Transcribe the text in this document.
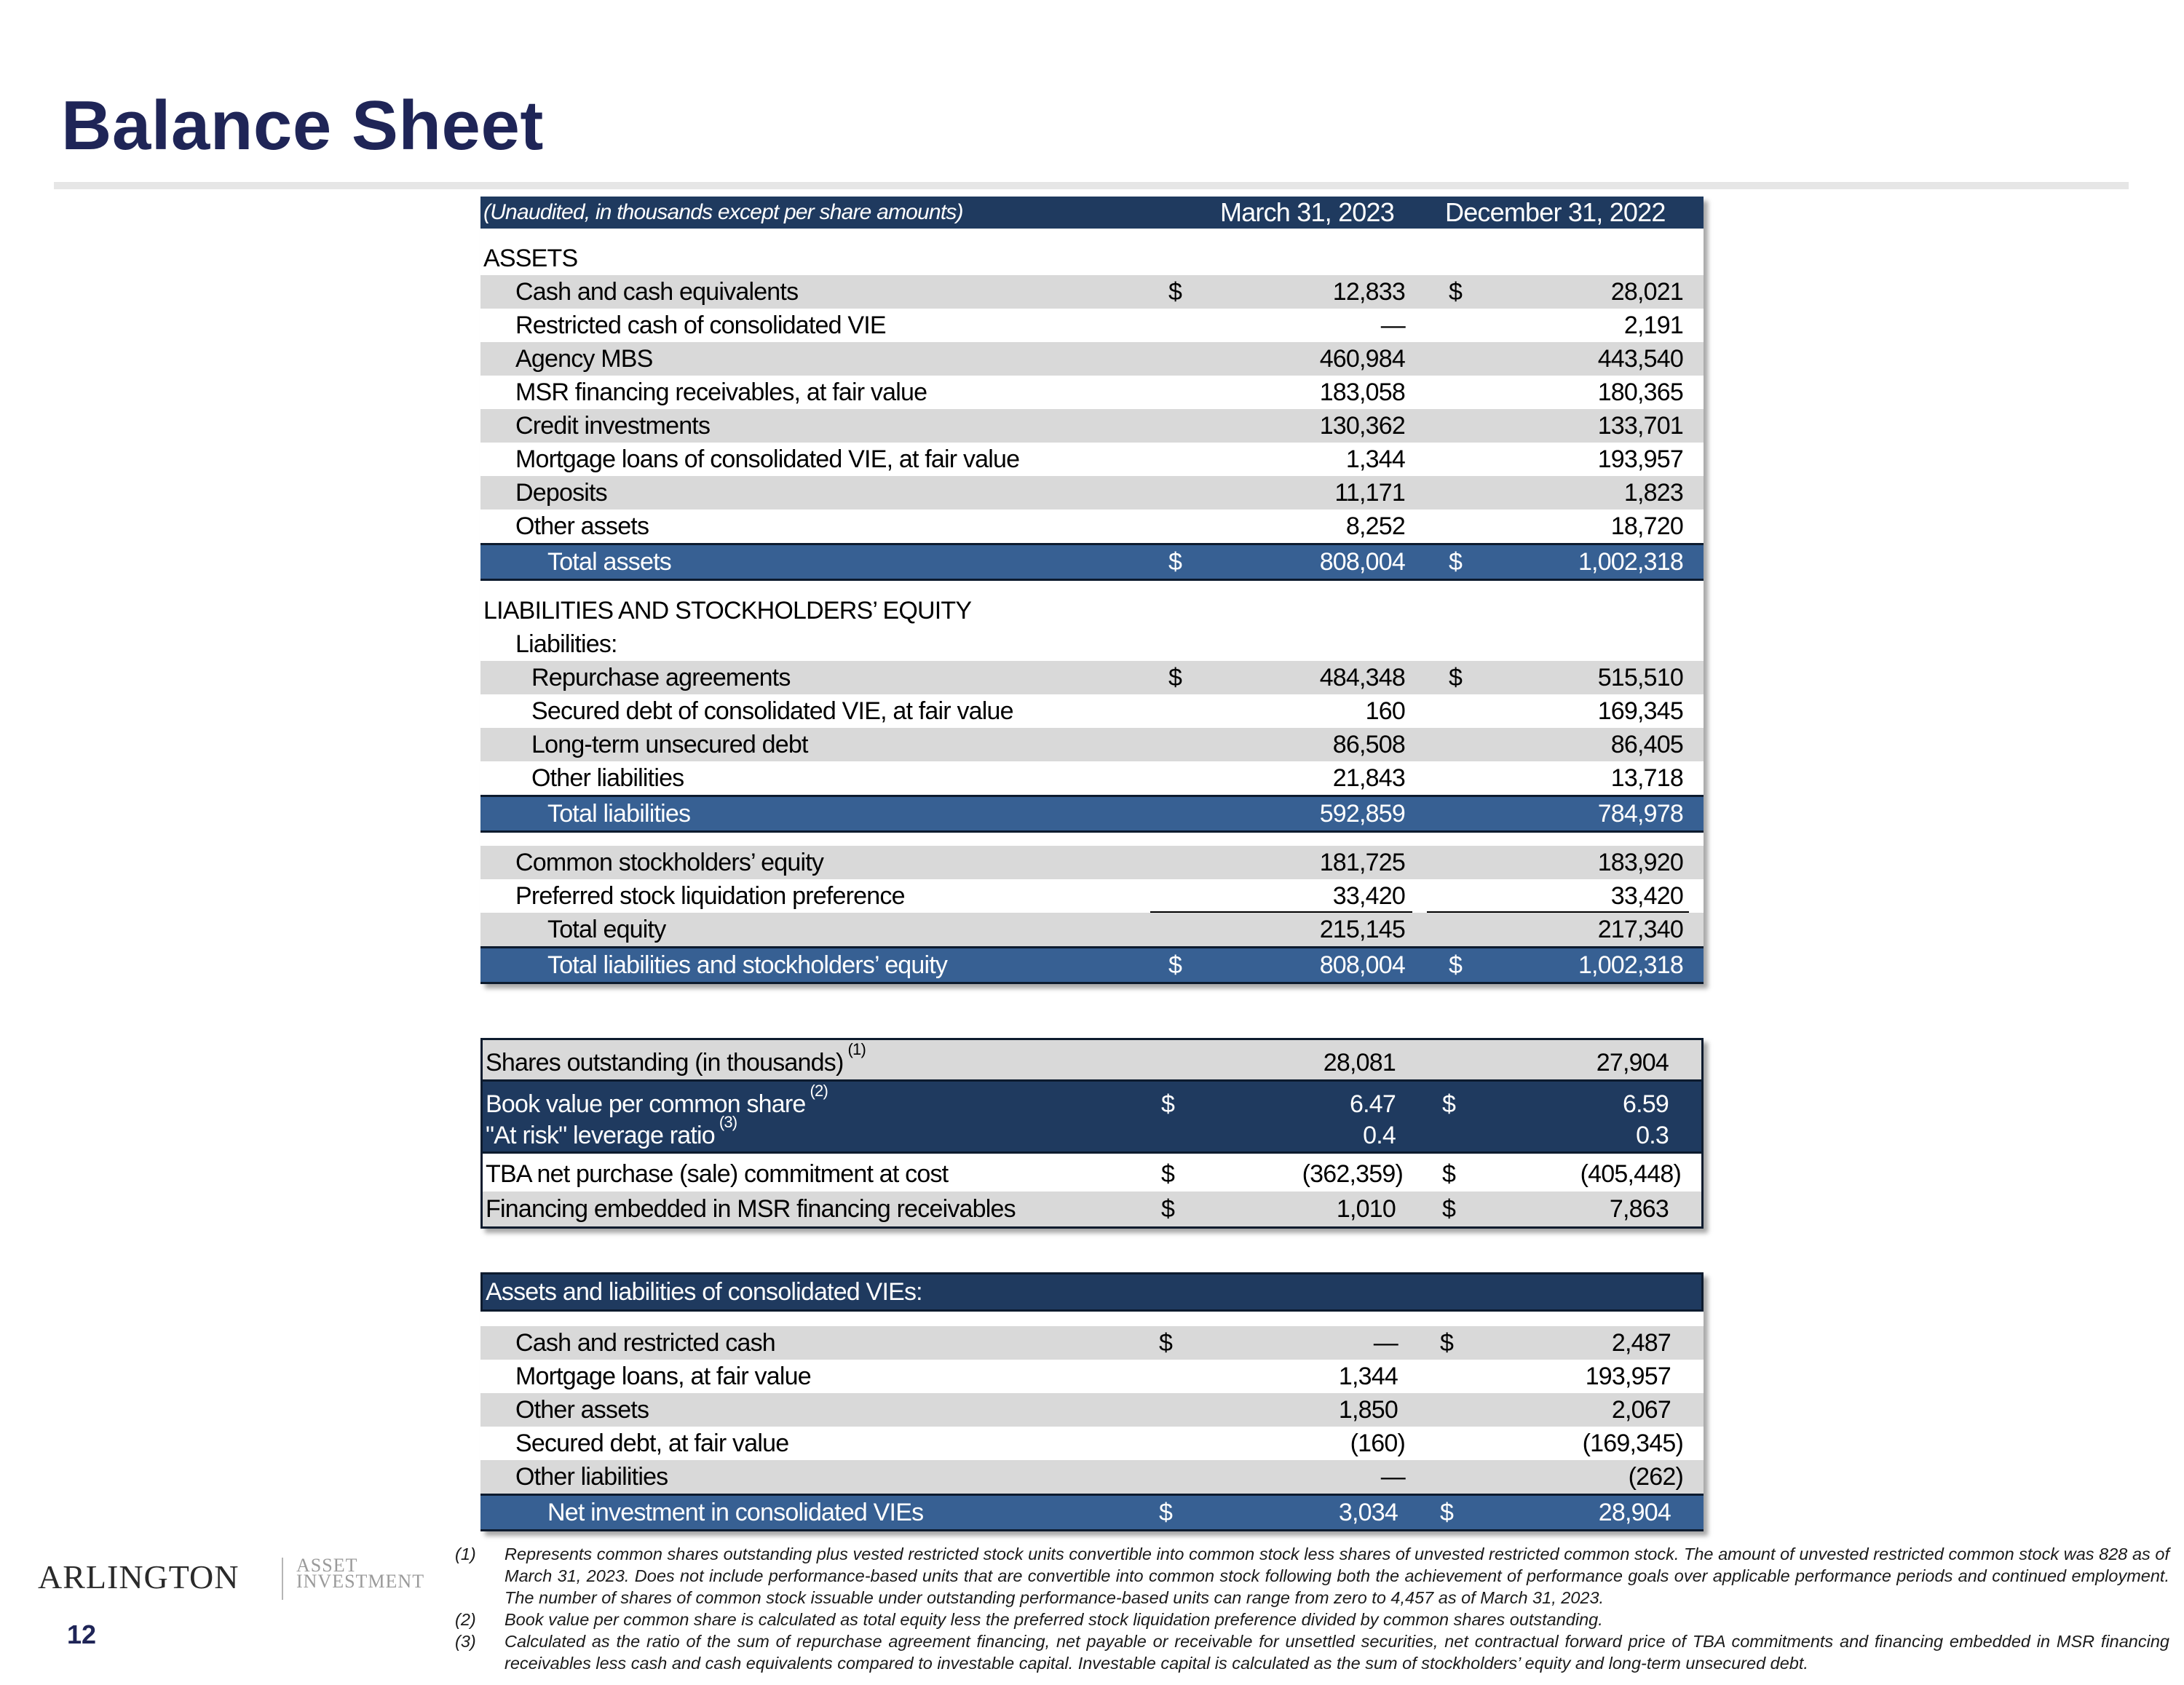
Balance Sheet
(Unaudited, in thousands except per share amounts)	March 31, 2023 December 31, 2022
ASSETS
Cash and cash equivalents	$	12,833 $	28,021
Restricted cash of consolidated VIE	—	2,191
Agency MBS	460,984	443,540
MSR financing receivables, at fair value	183,058	180,365
Credit investments	130,362	133,701
Mortgage loans of consolidated VIE, at fair value	1,344	193,957
Deposits	11,171	1,823
Other assets	8,252	18,720
Total assets	$	808,004 $	1,002,318
LIABILITIES AND STOCKHOLDERS’ EQUITY
Liabilities:
Repurchase agreements	$	484,348 $	515,510
Secured debt of consolidated VIE, at fair value	160	169,345
Long-term unsecured debt	86,508	86,405
Other liabilities	21,843	13,718
Total liabilities	592,859	784,978
Common stockholders’ equity	181,725	183,920
Preferred stock liquidation preference	33,420	33,420
Total equity	215,145	217,340
Total liabilities and stockholders’ equity	$	808,004 $	1,002,318
Shares outstanding (in thousands) $^{(1)}$	28,081	27,904
Book value per common share $^{(2)}$	$	6.47 $	6.59
"At risk" leverage ratio $^{(3)}$	0.4	0.3
TBA net purchase (sale) commitment at cost	$	(362,359) $	(405,448)
Financing embedded in MSR financing receivables	$	1,010 $	7,863
Assets and liabilities of consolidated VIEs:
Cash and restricted cash	$	— $	2,487
Mortgage loans, at fair value	1,344	193,957
Other assets	1,850	2,067
Secured debt, at fair value	(160)	(169,345)
Other liabilities	—	(262)
Net investment in consolidated VIEs	$	3,034 $	28,904
ARLINGTON	ASSET
INVESTMENT
12
(1) Represents common shares outstanding plus vested restricted stock units convertible into common stock less shares of unvested restricted common stock. The amount of unvested restricted common stock was 828 as of March 31, 2023. Does not include performance-based units that are convertible into common stock following both the achievement of performance goals over applicable performance periods and continued employment. The number of shares of common stock issuable under outstanding performance-based units can range from zero to 4,457 as of March 31, 2023.
(2) Book value per common share is calculated as total equity less the preferred stock liquidation preference divided by common shares outstanding.
(3) Calculated as the ratio of the sum of repurchase agreement financing, net payable or receivable for unsettled securities, net contractual forward price of TBA commitments and financing embedded in MSR financing receivables less cash and cash equivalents compared to investable capital. Investable capital is calculated as the sum of stockholders’ equity and long-term unsecured debt.
